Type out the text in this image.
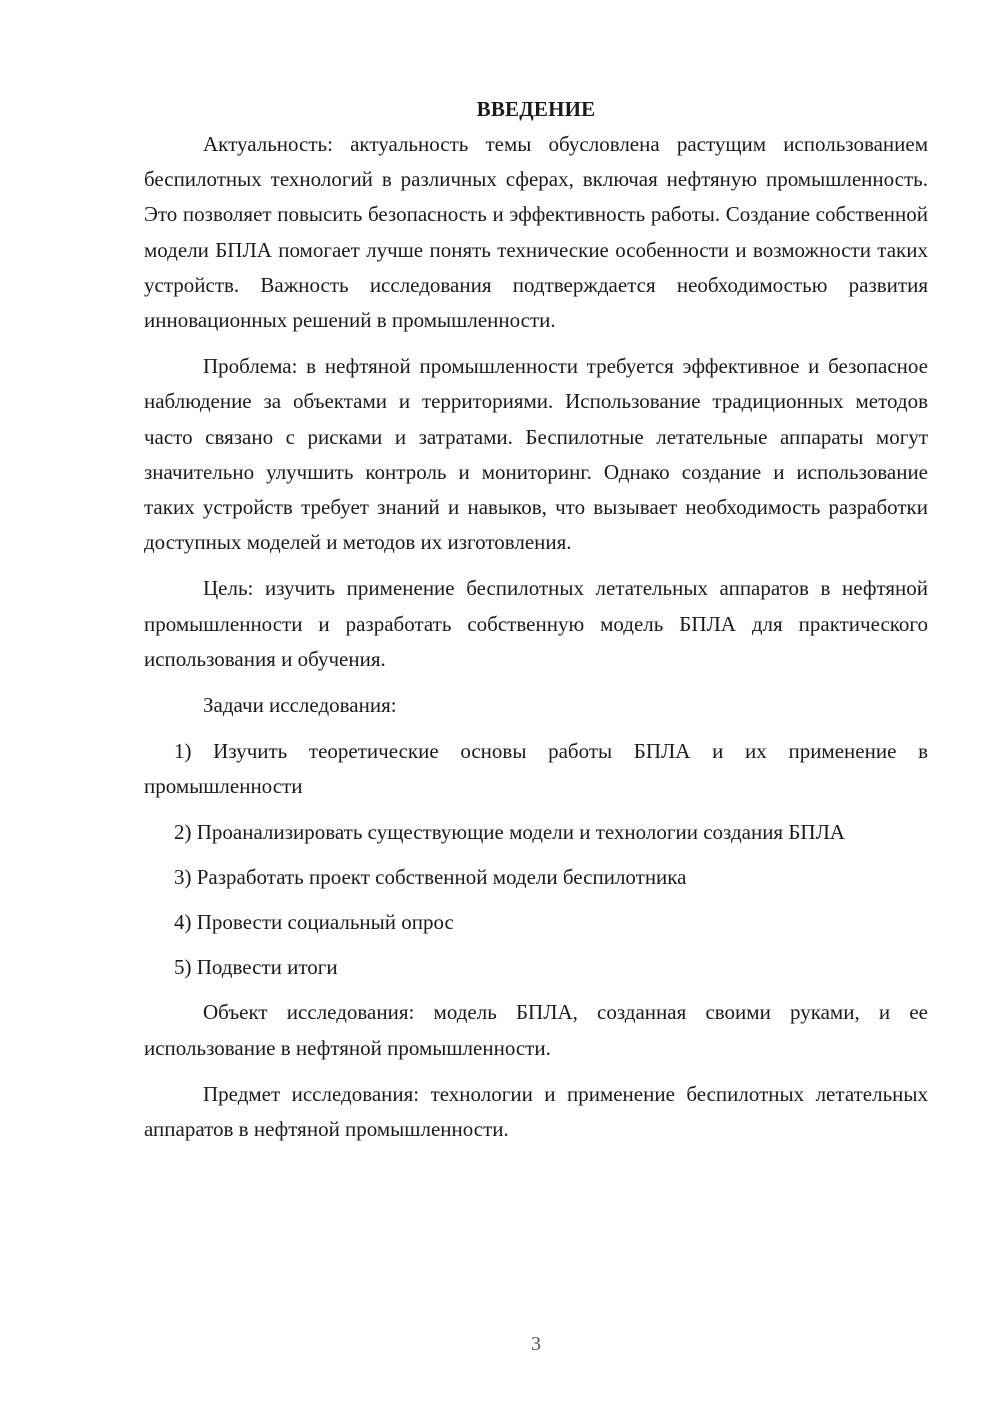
ВВЕДЕНИЕ

Актуальность: актуальность темы обусловлена растущим использованием беспилотных технологий в различных сферах, включая нефтяную промышленность. Это позволяет повысить безопасность и эффективность работы. Создание собственной модели БПЛА помогает лучше понять технические особенности и возможности таких устройств. Важность исследования подтверждается необходимостью развития инновационных решений в промышленности.

Проблема: в нефтяной промышленности требуется эффективное и безопасное наблюдение за объектами и территориями. Использование традиционных методов часто связано с рисками и затратами. Беспилотные летательные аппараты могут значительно улучшить контроль и мониторинг. Однако создание и использование таких устройств требует знаний и навыков, что вызывает необходимость разработки доступных моделей и методов их изготовления.

Цель: изучить применение беспилотных летательных аппаратов в нефтяной промышленности и разработать собственную модель БПЛА для практического использования и обучения.

Задачи исследования:

1) Изучить теоретические основы работы БПЛА и их применение в промышленности

2) Проанализировать существующие модели и технологии создания БПЛА

3) Разработать проект собственной модели беспилотника

4) Провести социальный опрос

5) Подвести итоги

Объект исследования: модель БПЛА, созданная своими руками, и ее использование в нефтяной промышленности.

Предмет исследования: технологии и применение беспилотных летательных аппаратов в нефтяной промышленности.

3
